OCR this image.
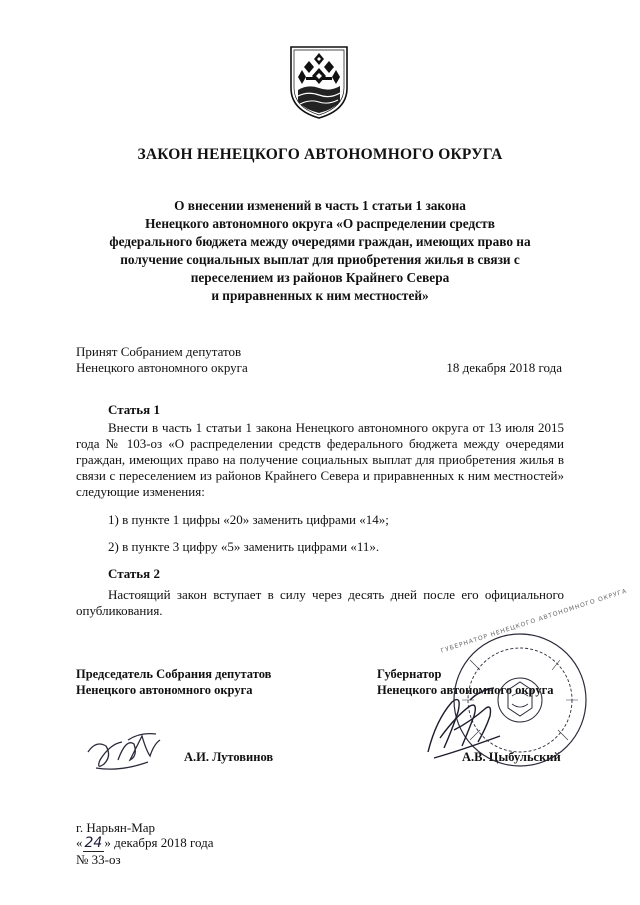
ЗАКОН НЕНЕЦКОГО АВТОНОМНОГО ОКРУГА
О внесении изменений в часть 1 статьи 1 закона
Ненецкого автономного округа «О распределении средств
федерального бюджета между очередями граждан, имеющих право на
получение социальных выплат для приобретения жилья в связи с
переселением из районов Крайнего Севера
и приравненных к ним местностей»
Принят Собранием депутатов
Ненецкого автономного округа	18 декабря 2018 года
Статья 1
Внести в часть 1 статьи 1 закона Ненецкого автономного округа от 13 июля 2015
года № 103-оз «О распределении средств федерального бюджета между очередями
граждан, имеющих право на получение социальных выплат для приобретения жилья в
связи с переселением из районов Крайнего Севера и приравненных к ним местностей»
следующие изменения:
1) в пункте 1 цифры «20» заменить цифрами «14»;
2) в пункте 3 цифру «5» заменить цифрами «11».
Статья 2
Настоящий закон вступает в силу через десять дней после его официального
опубликования.
Председатель Собрания депутатов
Ненецкого автономного округа
А.И. Лутовинов
Губернатор
Ненецкого автономного округа
А.В. Цыбульский
ГУБЕРНАТОР НЕНЕЦКОГО АВТОНОМНОГО ОКРУГА
г. Нарьян-Мар
« 24 » декабря 2018 года
№ 33-оз
